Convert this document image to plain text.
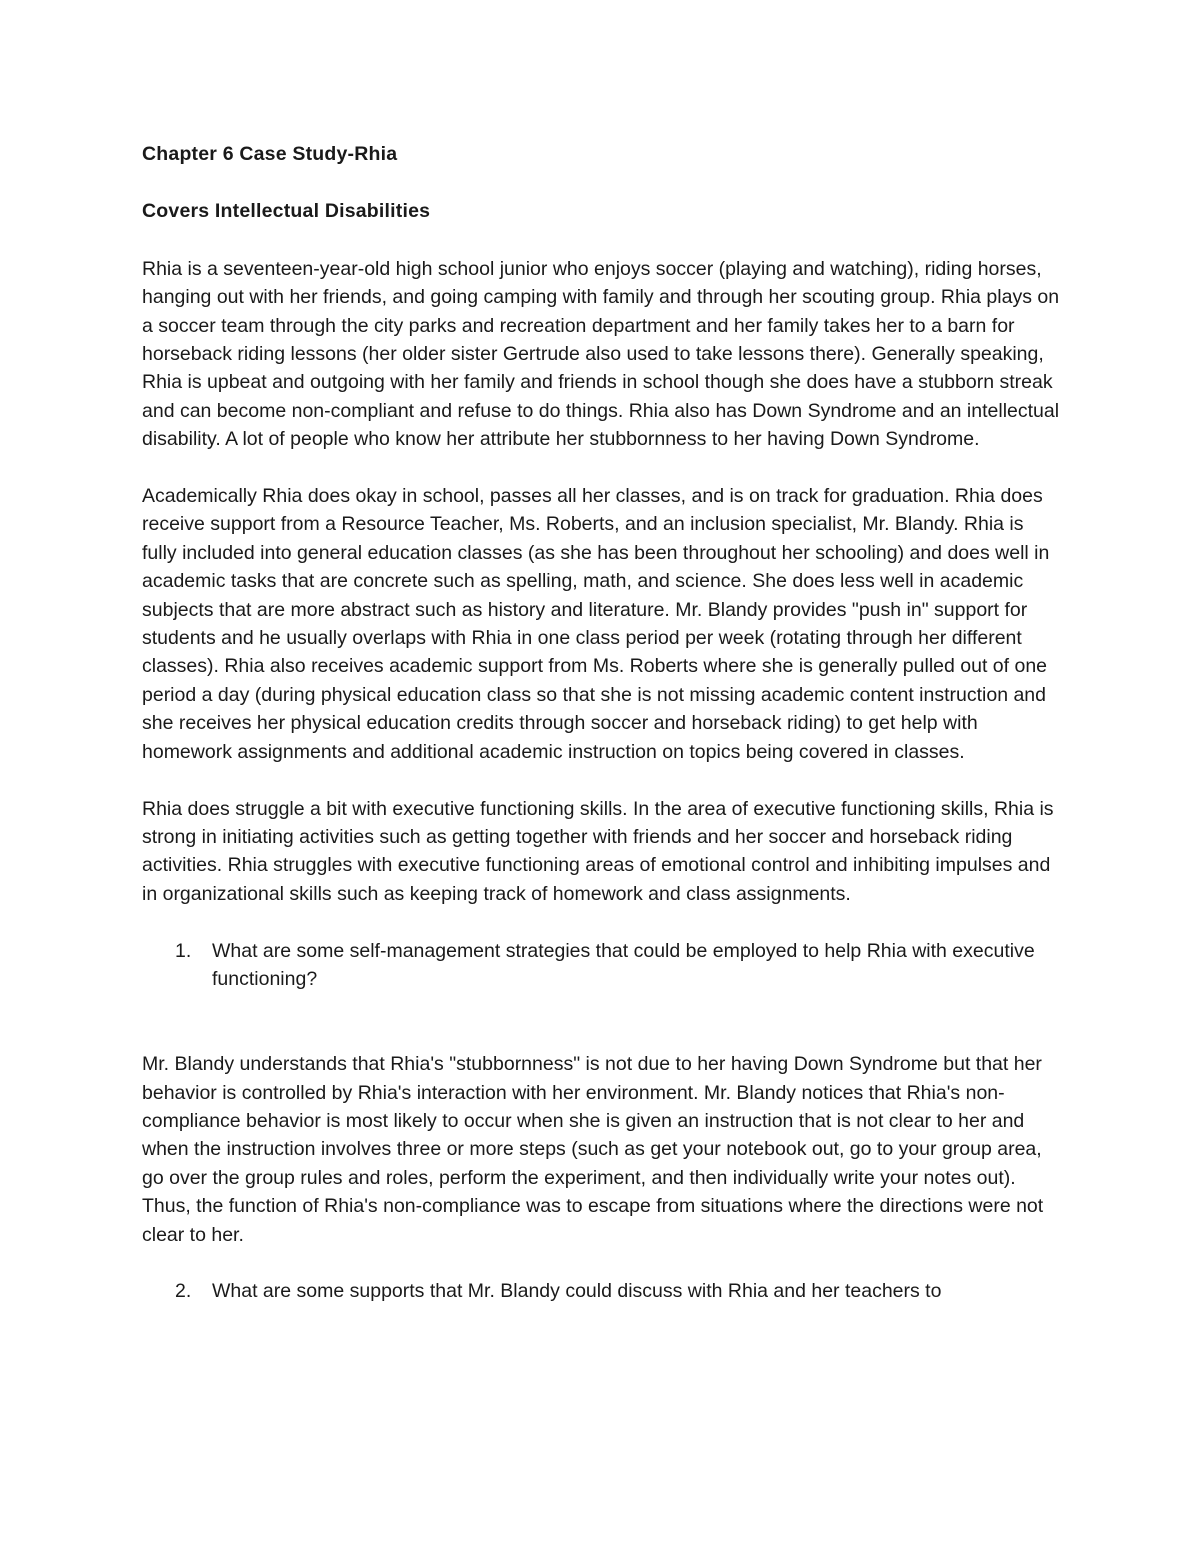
Chapter 6 Case Study-Rhia
Covers Intellectual Disabilities

Rhia is a seventeen-year-old high school junior who enjoys soccer (playing and watching), riding horses, hanging out with her friends, and going camping with family and through her scouting group. Rhia plays on a soccer team through the city parks and recreation department and her family takes her to a barn for horseback riding lessons (her older sister Gertrude also used to take lessons there). Generally speaking, Rhia is upbeat and outgoing with her family and friends in school though she does have a stubborn streak and can become non-compliant and refuse to do things. Rhia also has Down Syndrome and an intellectual disability. A lot of people who know her attribute her stubbornness to her having Down Syndrome.

Academically Rhia does okay in school, passes all her classes, and is on track for graduation. Rhia does receive support from a Resource Teacher, Ms. Roberts, and an inclusion specialist, Mr. Blandy. Rhia is fully included into general education classes (as she has been throughout her schooling) and does well in academic tasks that are concrete such as spelling, math, and science. She does less well in academic subjects that are more abstract such as history and literature. Mr. Blandy provides "push in" support for students and he usually overlaps with Rhia in one class period per week (rotating through her different classes). Rhia also receives academic support from Ms. Roberts where she is generally pulled out of one period a day (during physical education class so that she is not missing academic content instruction and she receives her physical education credits through soccer and horseback riding) to get help with homework assignments and additional academic instruction on topics being covered in classes.

Rhia does struggle a bit with executive functioning skills. In the area of executive functioning skills, Rhia is strong in initiating activities such as getting together with friends and her soccer and horseback riding activities. Rhia struggles with executive functioning areas of emotional control and inhibiting impulses and in organizational skills such as keeping track of homework and class assignments.

1. What are some self-management strategies that could be employed to help Rhia with executive functioning?

Mr. Blandy understands that Rhia's "stubbornness" is not due to her having Down Syndrome but that her behavior is controlled by Rhia's interaction with her environment. Mr. Blandy notices that Rhia's non-compliance behavior is most likely to occur when she is given an instruction that is not clear to her and when the instruction involves three or more steps (such as get your notebook out, go to your group area, go over the group rules and roles, perform the experiment, and then individually write your notes out). Thus, the function of Rhia's non-compliance was to escape from situations where the directions were not clear to her.

2. What are some supports that Mr. Blandy could discuss with Rhia and her teachers to
